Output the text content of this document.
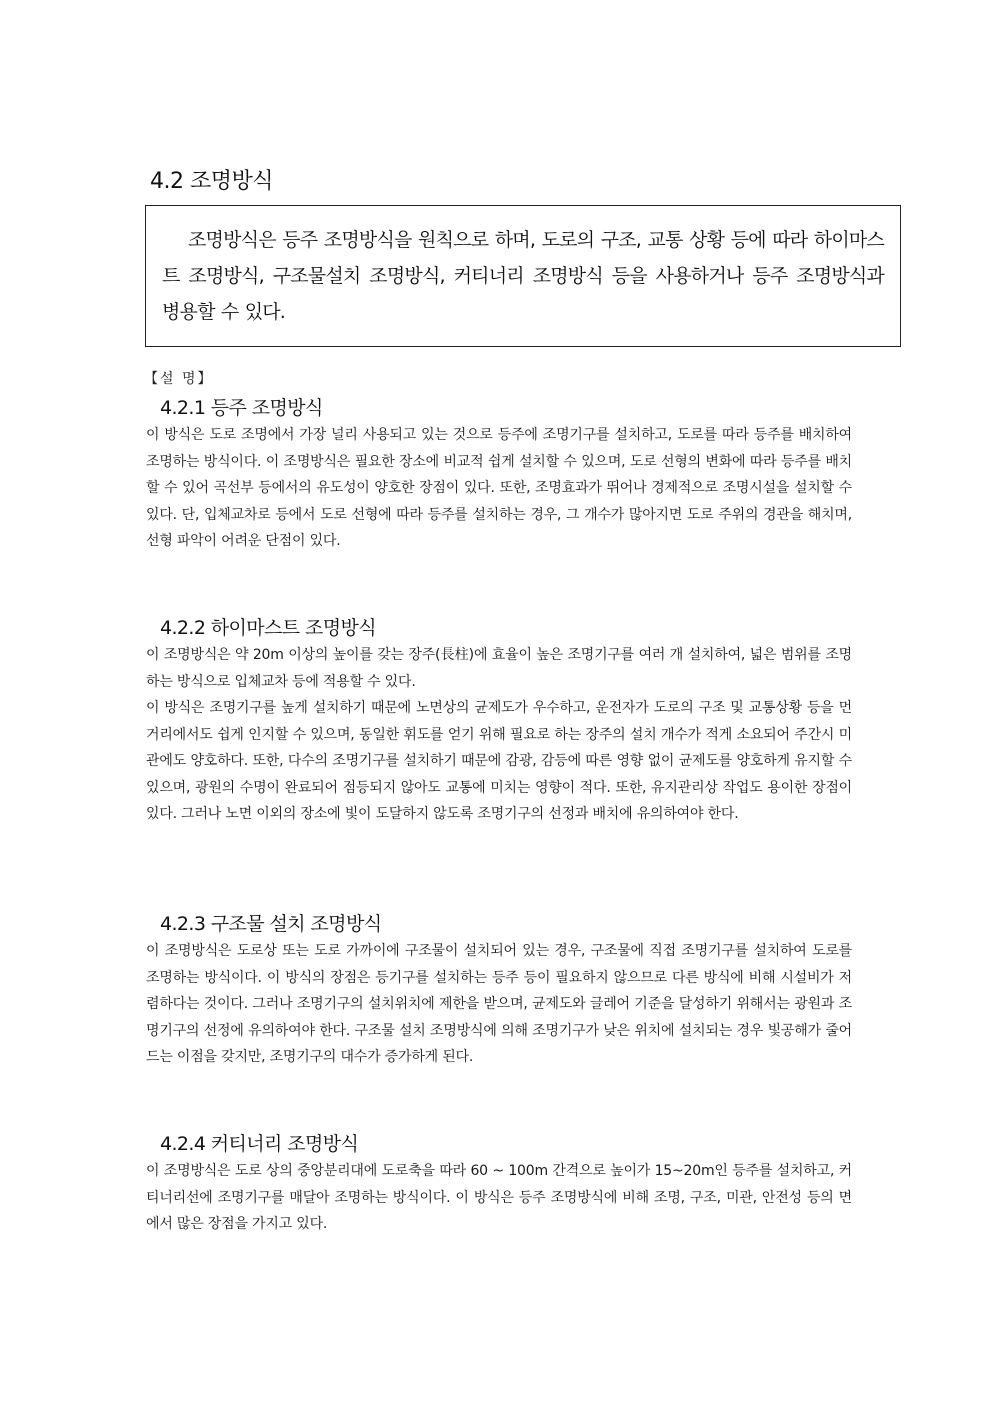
4.2 조명방식

조명방식은 등주 조명방식을 원칙으로 하며, 도로의 구조, 교통 상황 등에 따라 하이마스트 조명방식, 구조물설치 조명방식, 커티너리 조명방식 등을 사용하거나 등주 조명방식과 병용할 수 있다.

【설 명】
4.2.1 등주 조명방식

이 방식은 도로 조명에서 가장 널리 사용되고 있는 것으로 등주에 조명기구를 설치하고, 도로를 따라 등주를 배치하여 조명하는 방식이다. 이 조명방식은 필요한 장소에 비교적 쉽게 설치할 수 있으며, 도로 선형의 변화에 따라 등주를 배치할 수 있어 곡선부 등에서의 유도성이 양호한 장점이 있다. 또한, 조명효과가 뛰어나 경제적으로 조명시설을 설치할 수 있다. 단, 입체교차로 등에서 도로 선형에 따라 등주를 설치하는 경우, 그 개수가 많아지면 도로 주위의 경관을 해치며, 선형 파악이 어려운 단점이 있다.

4.2.2 하이마스트 조명방식

이 조명방식은 약 20m 이상의 높이를 갖는 장주(長柱)에 효율이 높은 조명기구를 여러 개 설치하여, 넓은 범위를 조명하는 방식으로 입체교차 등에 적용할 수 있다.

이 방식은 조명기구를 높게 설치하기 때문에 노면상의 균제도가 우수하고, 운전자가 도로의 구조 및 교통상황 등을 먼 거리에서도 쉽게 인지할 수 있으며, 동일한 휘도를 얻기 위해 필요로 하는 장주의 설치 개수가 적게 소요되어 주간시 미관에도 양호하다. 또한, 다수의 조명기구를 설치하기 때문에 감광, 감등에 따른 영향 없이 균제도를 양호하게 유지할 수 있으며, 광원의 수명이 완료되어 점등되지 않아도 교통에 미치는 영향이 적다. 또한, 유지관리상 작업도 용이한 장점이 있다. 그러나 노면 이외의 장소에 빛이 도달하지 않도록 조명기구의 선정과 배치에 유의하여야 한다.

4.2.3 구조물 설치 조명방식

이 조명방식은 도로상 또는 도로 가까이에 구조물이 설치되어 있는 경우, 구조물에 직접 조명기구를 설치하여 도로를 조명하는 방식이다. 이 방식의 장점은 등기구를 설치하는 등주 등이 필요하지 않으므로 다른 방식에 비해 시설비가 저렴하다는 것이다. 그러나 조명기구의 설치위치에 제한을 받으며, 균제도와 글레어 기준을 달성하기 위해서는 광원과 조명기구의 선정에 유의하여야 한다. 구조물 설치 조명방식에 의해 조명기구가 낮은 위치에 설치되는 경우 빛공해가 줄어드는 이점을 갖지만, 조명기구의 대수가 증가하게 된다.

4.2.4 커티너리 조명방식

이 조명방식은 도로 상의 중앙분리대에 도로축을 따라 60 ~ 100m 간격으로 높이가 15~20m인 등주를 설치하고, 커티너리선에 조명기구를 매달아 조명하는 방식이다. 이 방식은 등주 조명방식에 비해 조명, 구조, 미관, 안전성 등의 면에서 많은 장점을 가지고 있다.
